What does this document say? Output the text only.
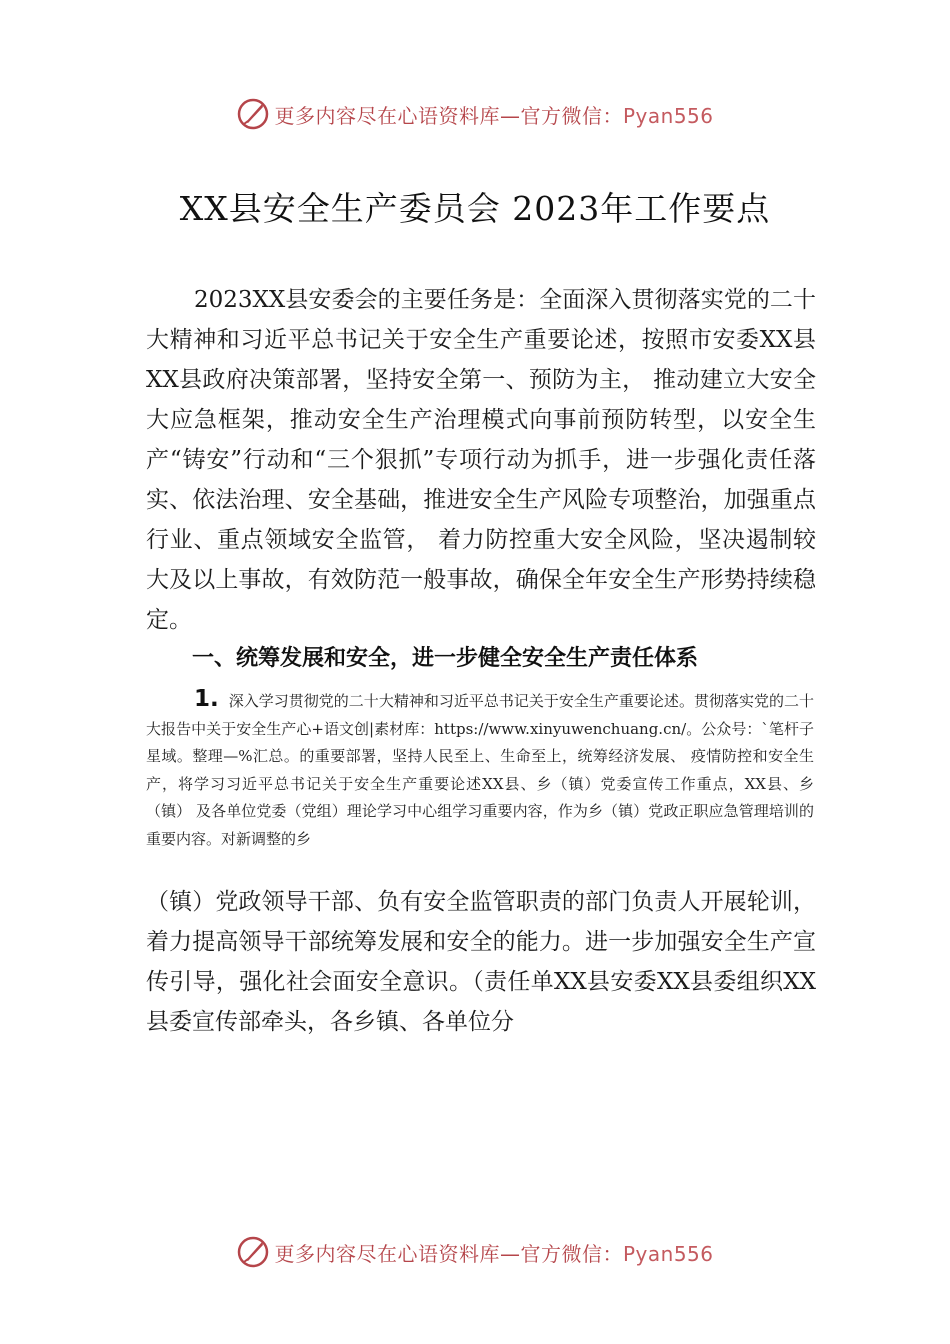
更多内容尽在心语资料库—官方微信：Pyan556
XX县安全生产委员会 2023年工作要点

2023XX县安委会的主要任务是：全面深入贯彻落实党的二十大精神和习近平总书记关于安全生产重要论述，按照市安委XX县XX县政府决策部署，坚持安全第一、预防为主， 推动建立大安全大应急框架，推动安全生产治理模式向事前预防转型，以安全生产“铸安”行动和“三个狠抓”专项行动为抓手，进一步强化责任落实、依法治理、安全基础，推进安全生产风险专项整治，加强重点行业、重点领域安全监管， 着力防控重大安全风险，坚决遏制较大及以上事故，有效防范一般事故，确保全年安全生产形势持续稳定。

一、统筹发展和安全，进一步健全安全生产责任体系

1. 深入学习贯彻党的二十大精神和习近平总书记关于安全生产重要论述。贯彻落实党的二十大报告中关于安全生产心+语文创|素材库：https://www.xinyuwenchuang.cn/。公众号：`笔杆子星域。整理—%汇总。的重要部署，坚持人民至上、生命至上，统筹经济发展、 疫情防控和安全生产，将学习习近平总书记关于安全生产重要论述XX县、乡（镇）党委宣传工作重点，XX县、乡（镇） 及各单位党委（党组）理论学习中心组学习重要内容，作为乡（镇）党政正职应急管理培训的重要内容。对新调整的乡

（镇）党政领导干部、负有安全监管职责的部门负责人开展轮训，着力提高领导干部统筹发展和安全的能力。进一步加强安全生产宣传引导，强化社会面安全意识。（责任单XX县安委XX县委组织XX县委宣传部牵头，各乡镇、各单位分

更多内容尽在心语资料库—官方微信：Pyan556
